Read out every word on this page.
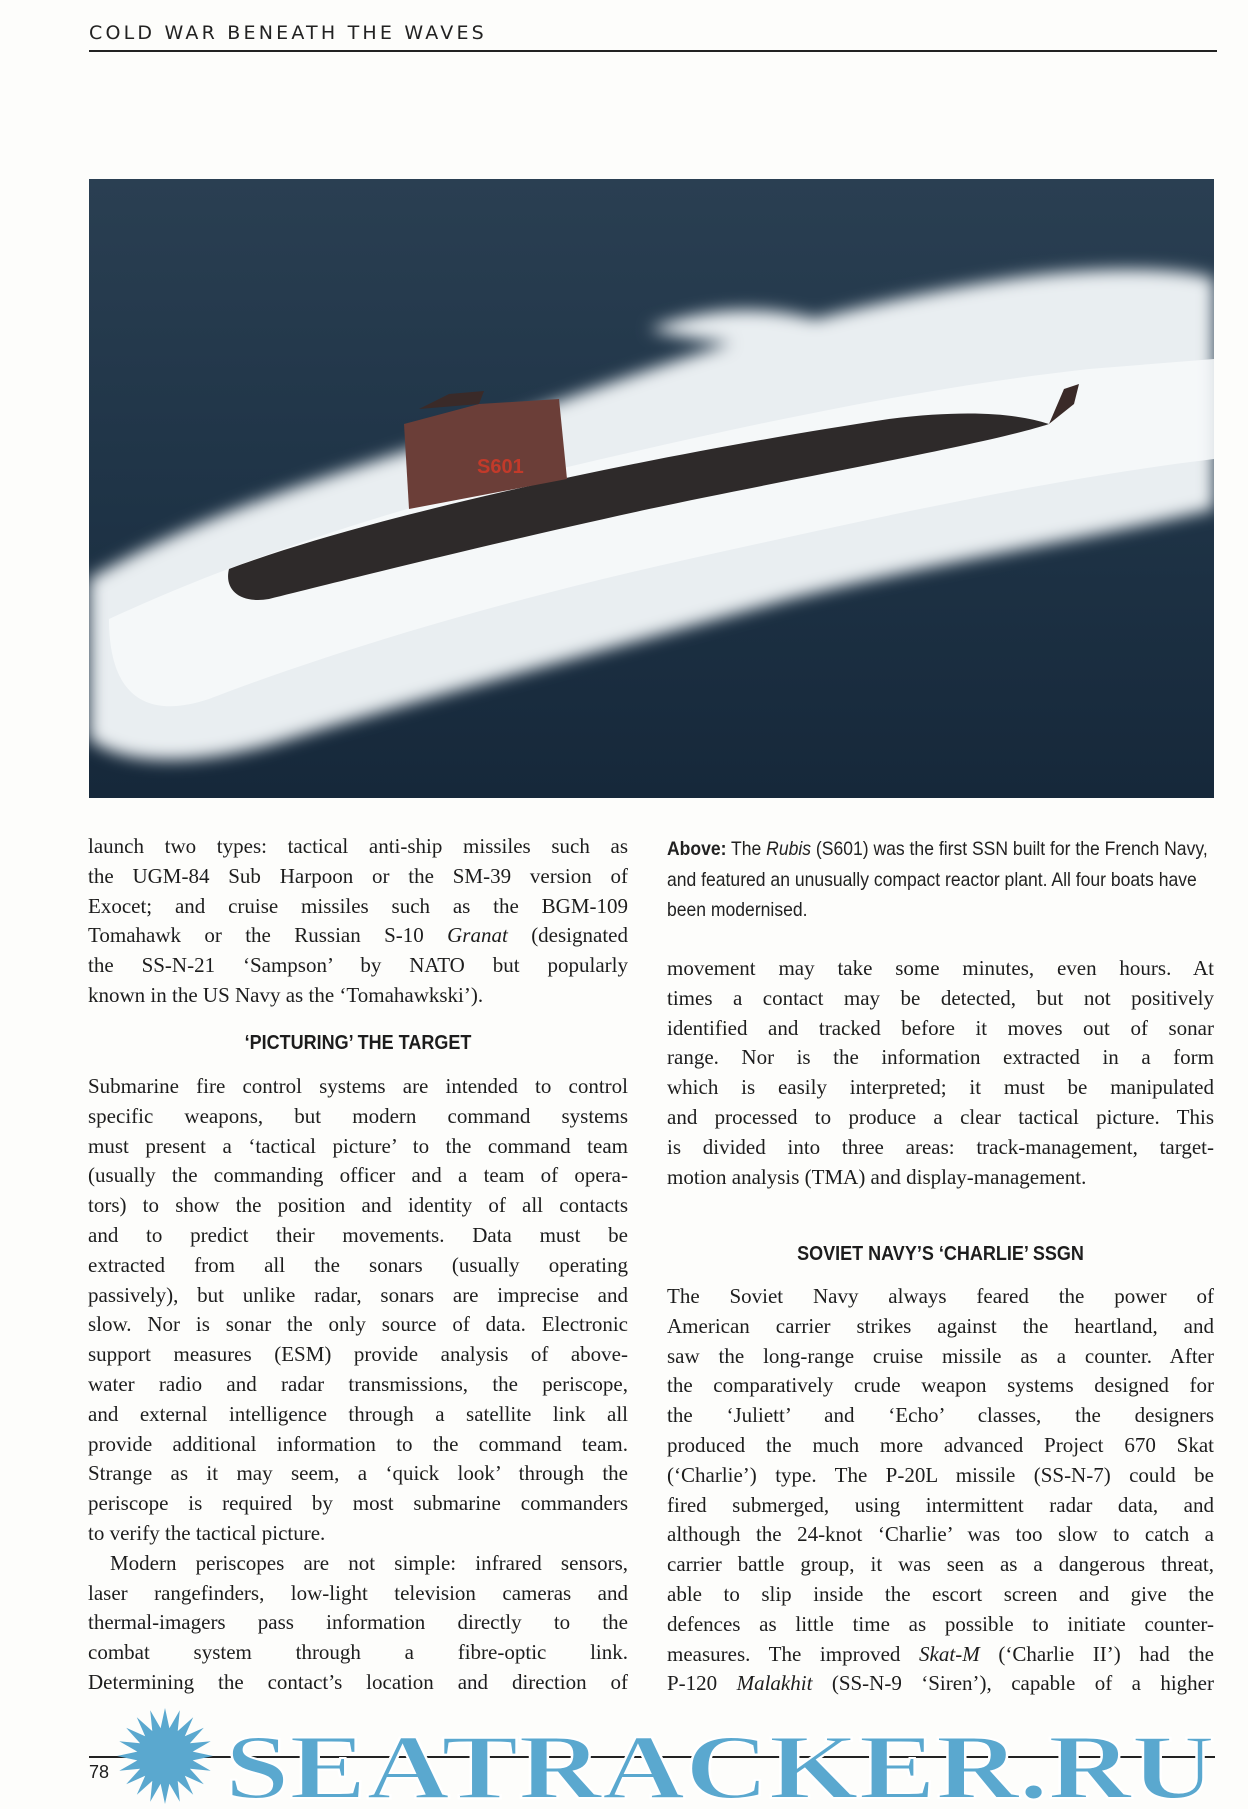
COLD WAR BENEATH THE WAVES
S601
launch two types: tactical anti-ship missiles such as
the UGM-84 Sub Harpoon or the SM-39 version of
Exocet; and cruise missiles such as the BGM-109
Tomahawk or the Russian S-10 Granat (designated
the SS-N-21 ‘Sampson’ by NATO but popularly
known in the US Navy as the ‘Tomahawkski’).
‘PICTURING’ THE TARGET
Submarine fire control systems are intended to control
specific weapons, but modern command systems
must present a ‘tactical picture’ to the command team
(usually the commanding officer and a team of opera-
tors) to show the position and identity of all contacts
and to predict their movements. Data must be
extracted from all the sonars (usually operating
passively), but unlike radar, sonars are imprecise and
slow. Nor is sonar the only source of data. Electronic
support measures (ESM) provide analysis of above-
water radio and radar transmissions, the periscope,
and external intelligence through a satellite link all
provide additional information to the command team.
Strange as it may seem, a ‘quick look’ through the
periscope is required by most submarine commanders
to verify the tactical picture.
Modern periscopes are not simple: infrared sensors,
laser rangefinders, low-light television cameras and
thermal-imagers pass information directly to the
combat system through a fibre-optic link.
Determining the contact’s location and direction of
Above: The Rubis (S601) was the first SSN built for the French Navy, and featured an unusually compact reactor plant. All four boats have been modernised.
movement may take some minutes, even hours. At
times a contact may be detected, but not positively
identified and tracked before it moves out of sonar
range. Nor is the information extracted in a form
which is easily interpreted; it must be manipulated
and processed to produce a clear tactical picture. This
is divided into three areas: track-management, target-
motion analysis (TMA) and display-management.
SOVIET NAVY’S ‘CHARLIE’ SSGN
The Soviet Navy always feared the power of
American carrier strikes against the heartland, and
saw the long-range cruise missile as a counter. After
the comparatively crude weapon systems designed for
the ‘Juliett’ and ‘Echo’ classes, the designers
produced the much more advanced Project 670 Skat
(‘Charlie’) type. The P-20L missile (SS-N-7) could be
fired submerged, using intermittent radar data, and
although the 24-knot ‘Charlie’ was too slow to catch a
carrier battle group, it was seen as a dangerous threat,
able to slip inside the escort screen and give the
defences as little time as possible to initiate counter-
measures. The improved Skat-M (‘Charlie II’) had the
P-120 Malakhit (SS-N-9 ‘Siren’), capable of a higher
78 SEATRACKER.RU
